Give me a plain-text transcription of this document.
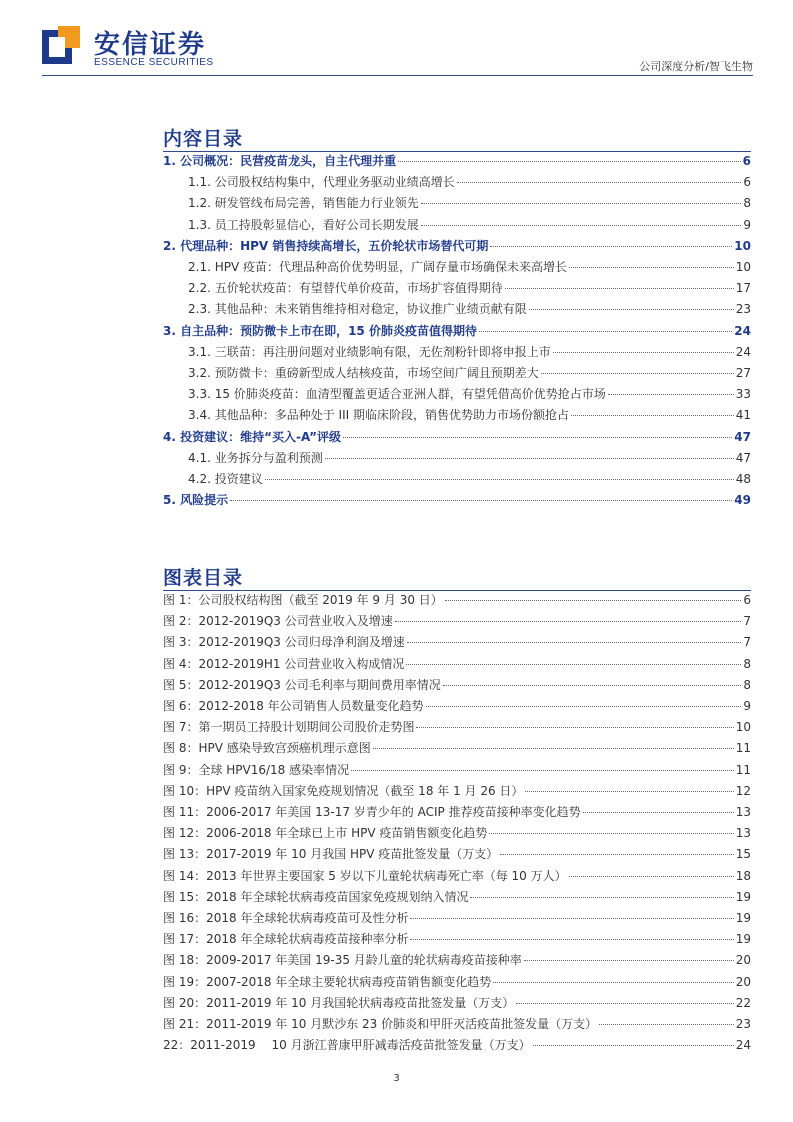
安信证券
ESSENCE SECURITIES	公司深度分析/智飞生物
内容目录
1. 公司概况：民营疫苗龙头，自主代理并重	6
1.1. 公司股权结构集中，代理业务驱动业绩高增长	6
1.2. 研发管线布局完善，销售能力行业领先	8
1.3. 员工持股彰显信心，看好公司长期发展	9
2. 代理品种：HPV 销售持续高增长，五价轮状市场替代可期	10
2.1. HPV 疫苗：代理品种高价优势明显，广阔存量市场确保未来高增长	10
2.2. 五价轮状疫苗：有望替代单价疫苗，市场扩容值得期待	17
2.3. 其他品种：未来销售维持相对稳定，协议推广业绩贡献有限	23
3. 自主品种：预防微卡上市在即，15 价肺炎疫苗值得期待	24
3.1. 三联苗：再注册问题对业绩影响有限，无佐剂粉针即将申报上市	24
3.2. 预防微卡：重磅新型成人结核疫苗，市场空间广阔且预期差大	27
3.3. 15 价肺炎疫苗：血清型覆盖更适合亚洲人群，有望凭借高价优势抢占市场	33
3.4. 其他品种：多品种处于 III 期临床阶段，销售优势助力市场份额抢占	41
4. 投资建议：维持“买入-A”评级	47
4.1. 业务拆分与盈利预测	47
4.2. 投资建议	48
5. 风险提示	49
图表目录
图 1：公司股权结构图（截至 2019 年 9 月 30 日）	6
图 2：2012-2019Q3 公司营业收入及增速	7
图 3：2012-2019Q3 公司归母净利润及增速	7
图 4：2012-2019H1 公司营业收入构成情况	8
图 5：2012-2019Q3 公司毛利率与期间费用率情况	8
图 6：2012-2018 年公司销售人员数量变化趋势	9
图 7：第一期员工持股计划期间公司股价走势图	10
图 8：HPV 感染导致宫颈癌机理示意图	11
图 9：全球 HPV16/18 感染率情况	11
图 10：HPV 疫苗纳入国家免疫规划情况（截至 18 年 1 月 26 日）	12
图 11：2006-2017 年美国 13-17 岁青少年的 ACIP 推荐疫苗接种率变化趋势	13
图 12：2006-2018 年全球已上市 HPV 疫苗销售额变化趋势	13
图 13：2017-2019 年 10 月我国 HPV 疫苗批签发量（万支）	15
图 14：2013 年世界主要国家 5 岁以下儿童轮状病毒死亡率（每 10 万人）	18
图 15：2018 年全球轮状病毒疫苗国家免疫规划纳入情况	19
图 16：2018 年全球轮状病毒疫苗可及性分析	19
图 17：2018 年全球轮状病毒疫苗接种率分析	19
图 18：2009-2017 年美国 19-35 月龄儿童的轮状病毒疫苗接种率	20
图 19：2007-2018 年全球主要轮状病毒疫苗销售额变化趋势	20
图 20：2011-2019 年 10 月我国轮状病毒疫苗批签发量（万支）	22
图 21：2011-2019 年 10 月默沙东 23 价肺炎和甲肝灭活疫苗批签发量（万支）	23
22：2011-2019　 10 月浙江普康甲肝减毒活疫苗批签发量（万支）	24
3
